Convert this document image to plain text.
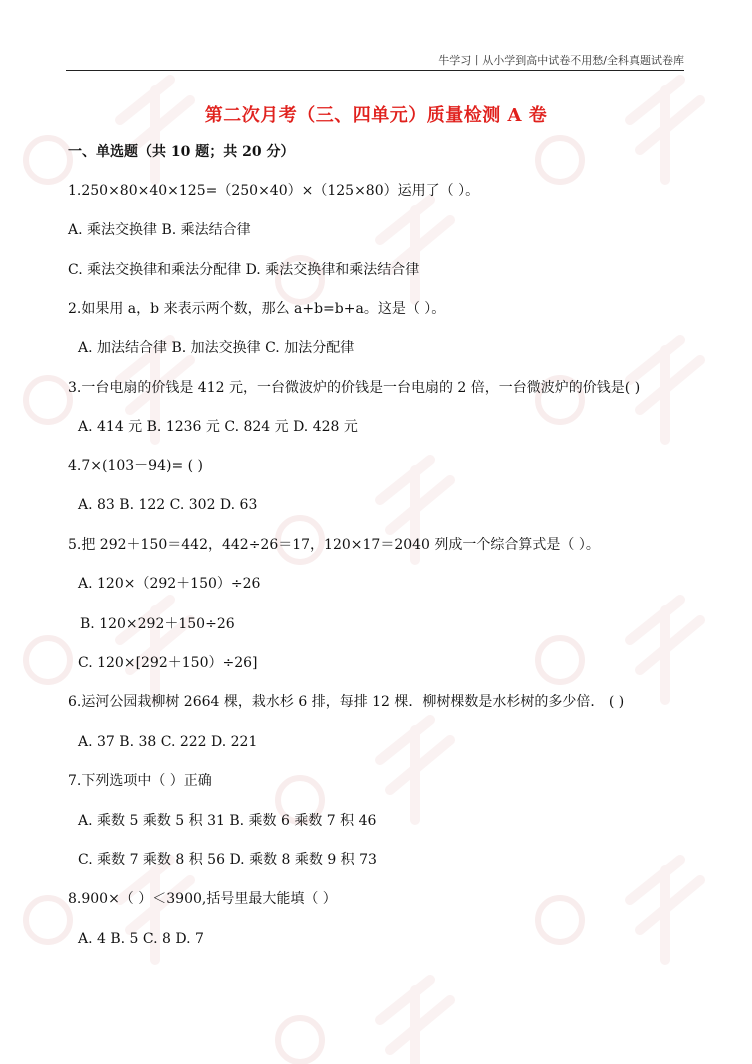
牛学习丨从小学到高中试卷不用愁/全科真题试卷库
第二次月考（三、四单元）质量检测 A 卷
一、单选题（共 10 题；共 20 分）
1.250×80×40×125=（250×40）×（125×80）运用了（ ）。
A. 乘法交换律 B. 乘法结合律
C. 乘法交换律和乘法分配律 D. 乘法交换律和乘法结合律
2.如果用 a，b 来表示两个数，那么 a+b=b+a。这是（ ）。
A. 加法结合律 B. 加法交换律 C. 加法分配律
3.一台电扇的价钱是 412 元，一台微波炉的价钱是一台电扇的 2 倍，一台微波炉的价钱是( )
A. 414 元 B. 1236 元 C. 824 元 D. 428 元
4.7×(103－94)= ( )
A. 83 B. 122 C. 302 D. 63
5.把 292＋150＝442，442÷26＝17，120×17＝2040 列成一个综合算式是（ ）。
A. 120×（292＋150）÷26
B. 120×292＋150÷26
C. 120×[292＋150）÷26]
6.运河公园栽柳树 2664 棵，栽水杉 6 排，每排 12 棵．柳树棵数是水杉树的多少倍． ( )
A. 37 B. 38 C. 222 D. 221
7.下列选项中（ ）正确
A. 乘数 5 乘数 5 积 31 B. 乘数 6 乘数 7 积 46
C. 乘数 7 乘数 8 积 56 D. 乘数 8 乘数 9 积 73
8.900×（ ）＜3900,括号里最大能填（ ）
A. 4 B. 5 C. 8 D. 7
